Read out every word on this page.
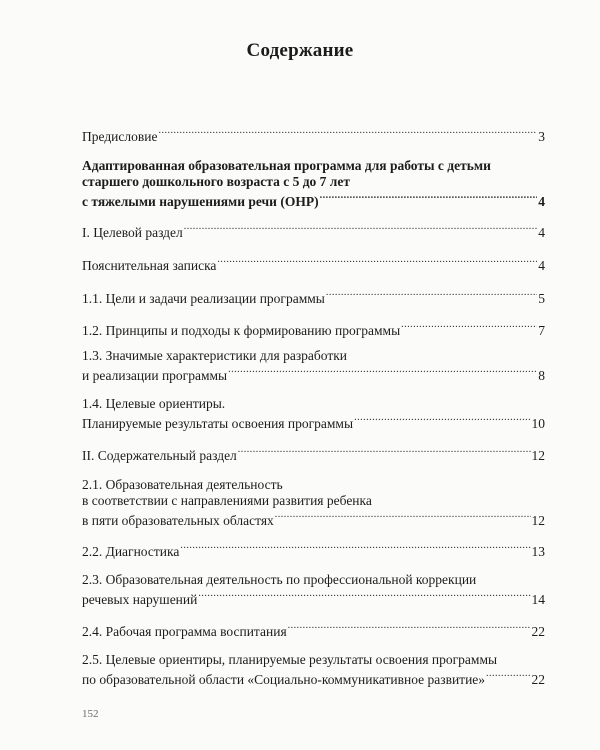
Содержание
Предисловие .....	3
Адаптированная образовательная программа для работы с детьми
старшего дошкольного возраста с 5 до 7 лет
с тяжелыми нарушениями речи (ОНР) .....	4
I. Целевой раздел .....	4
Пояснительная записка .....	4
1.1. Цели и задачи реализации программы .....	5
1.2. Принципы и подходы к формированию программы .....	7
1.3. Значимые характеристики для разработки
и реализации программы .....	8
1.4. Целевые ориентиры.
Планируемые результаты освоения программы .....	10
II. Содержательный раздел .....	12
2.1. Образовательная деятельность
в соответствии с направлениями развития ребенка
в пяти образовательных областях .....	12
2.2. Диагностика .....	13
2.3. Образовательная деятельность по профессиональной коррекции
речевых нарушений .....	14
2.4. Рабочая программа воспитания .....	22
2.5. Целевые ориентиры, планируемые результаты освоения программы
по образовательной области «Социально-коммуникативное развитие» .....	22
152
